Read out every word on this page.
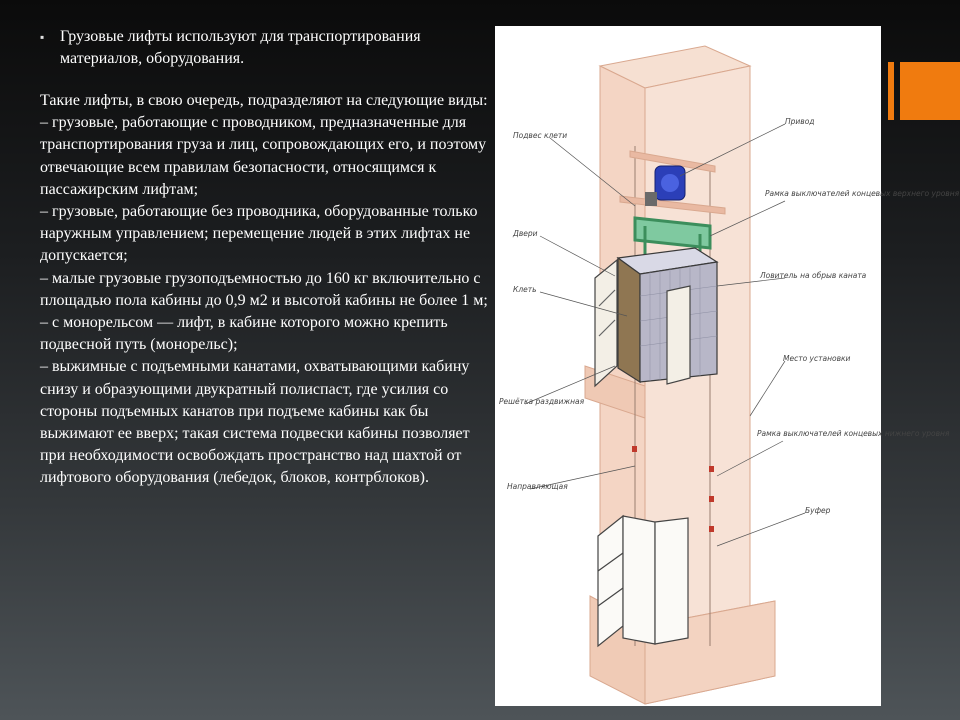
▪ Грузовые лифты используют для транспортирования материалов, оборудования.
Такие лифты, в свою очередь, подразделяют на следующие виды:
– грузовые, работающие с проводником, предназначенные для транспортирования груза и лиц, сопровождающих его, и поэтому отвечающие всем правилам безопасности, относящимся к пассажирским лифтам;
– грузовые, работающие без проводника, оборудованные только наружным управлением; перемещение людей в этих лифтах не допускается;
– малые грузовые грузоподъемностью до 160 кг включительно с площадью пола кабины до 0,9 м2 и высотой кабины не более 1 м;
– с монорельсом — лифт, в кабине которого можно крепить подвесной путь (монорельс);
– выжимные с подъемными канатами, охватывающими кабину снизу и образующими двукратный полиспаст, где усилия со стороны подъемных канатов при подъеме кабины как бы выжимают ее вверх; такая система подвески кабины позволяет при необходимости освобождать пространство над шахтой от лифтового оборудования (лебедок, блоков, контрблоков).
Подвес клети
Привод
Рамка выключателей концевых верхнего уровня
Двери
Клеть
Ловитель на обрыв каната
Место установки
Решётка раздвижная
Рамка выключателей концевых нижнего уровня
Направляющая
Буфер
